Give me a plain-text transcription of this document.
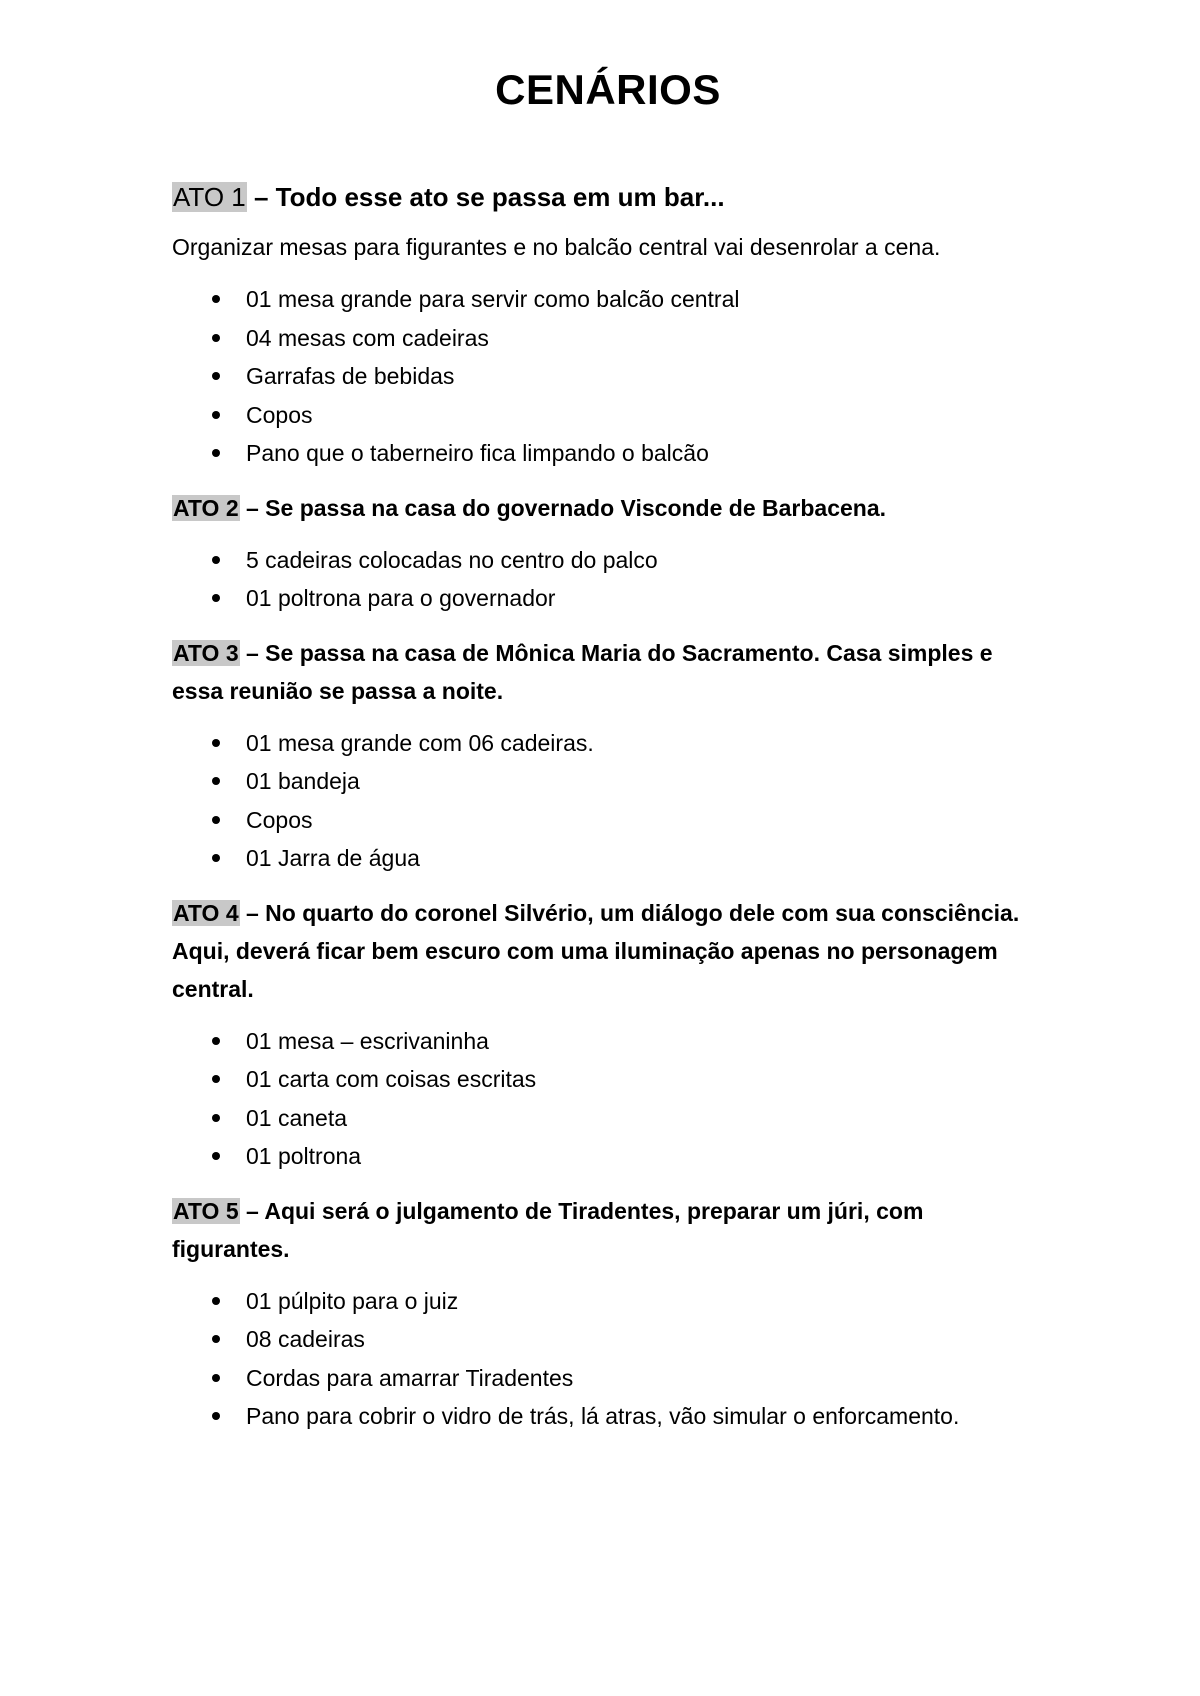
CENÁRIOS

ATO 1 – Todo esse ato se passa em um bar...

Organizar mesas para figurantes e no balcão central vai desenrolar a cena.

01 mesa grande para servir como balcão central
04 mesas com cadeiras
Garrafas de bebidas
Copos
Pano que o taberneiro fica limpando o balcão

ATO 2 – Se passa na casa do governado Visconde de Barbacena.

5 cadeiras colocadas no centro do palco
01 poltrona para o governador

ATO 3 – Se passa na casa de Mônica Maria do Sacramento. Casa simples e essa reunião se passa a noite.

01 mesa grande com 06 cadeiras.
01 bandeja
Copos
01 Jarra de água

ATO 4 – No quarto do coronel Silvério, um diálogo dele com sua consciência. Aqui, deverá ficar bem escuro com uma iluminação apenas no personagem central.

01 mesa – escrivaninha
01 carta com coisas escritas
01 caneta
01 poltrona

ATO 5 – Aqui será o julgamento de Tiradentes, preparar um júri, com figurantes.

01 púlpito para o juiz
08 cadeiras
Cordas para amarrar Tiradentes
Pano para cobrir o vidro de trás, lá atras, vão simular o enforcamento.
